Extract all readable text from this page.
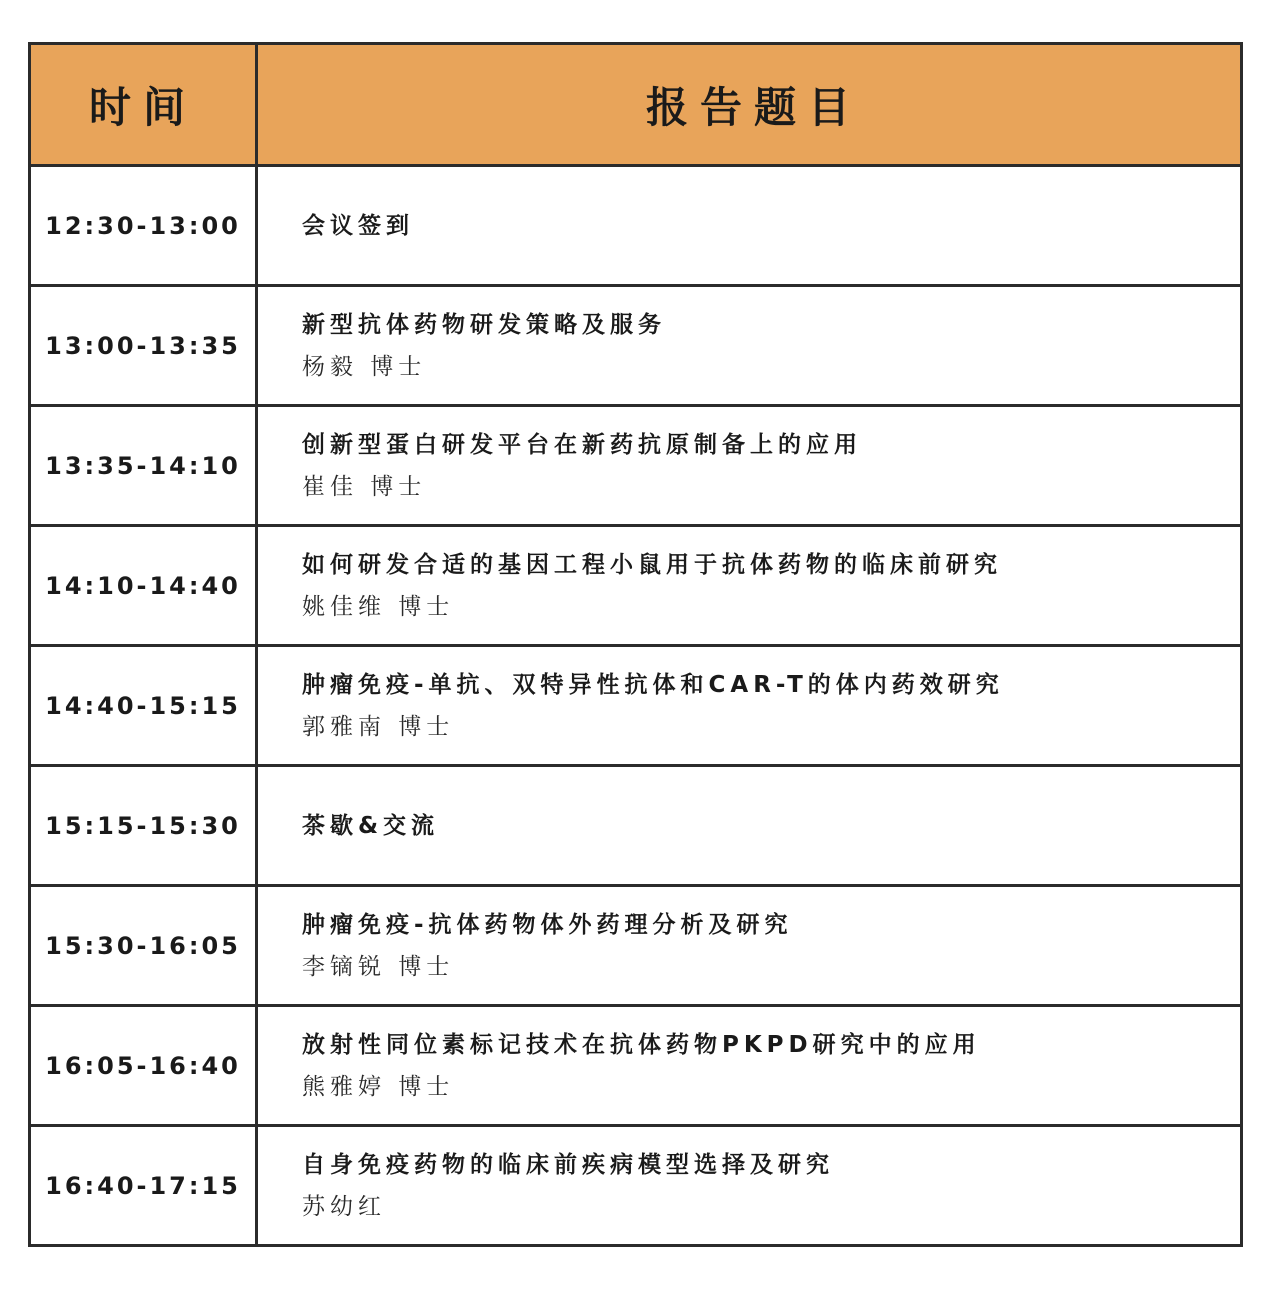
时间	报告题目
12:30-13:00	会议签到

13:00-13:35	新型抗体药物研发策略及服务
杨毅 博士

13:35-14:10	创新型蛋白研发平台在新药抗原制备上的应用
崔佳 博士

14:10-14:40	如何研发合适的基因工程小鼠用于抗体药物的临床前研究
姚佳维 博士

14:40-15:15	肿瘤免疫-单抗、双特异性抗体和CAR-T的体内药效研究
郭雅南 博士

15:15-15:30	茶歇&交流

15:30-16:05	肿瘤免疫-抗体药物体外药理分析及研究
李镝锐 博士

16:05-16:40	放射性同位素标记技术在抗体药物PKPD研究中的应用
熊雅婷 博士

16:40-17:15	自身免疫药物的临床前疾病模型选择及研究
苏幼红
